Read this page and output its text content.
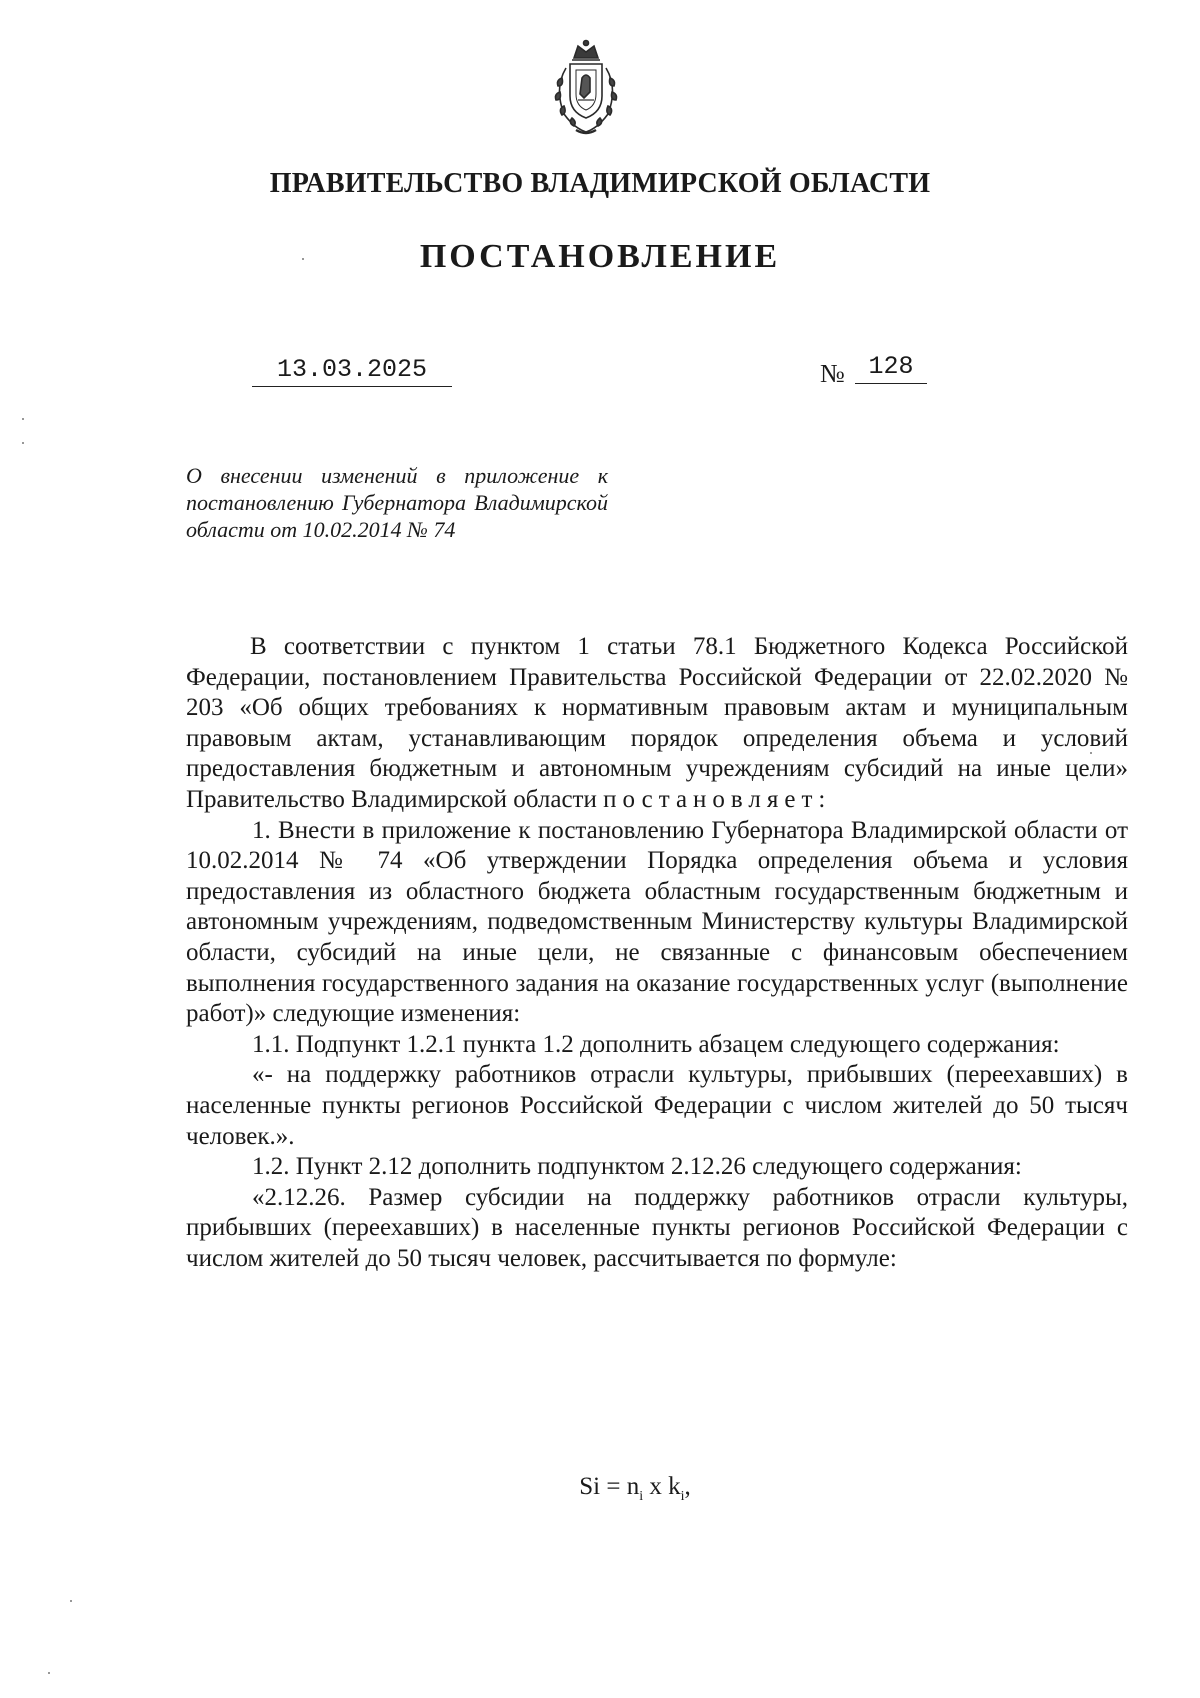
ПРАВИТЕЛЬСТВО ВЛАДИМИРСКОЙ ОБЛАСТИ
ПОСТАНОВЛЕНИЕ
13.03.2025	№ 128
О внесении изменений в приложение к постановлению Губернатора Владимирской области от 10.02.2014 № 74

В соответствии с пунктом 1 статьи 78.1 Бюджетного Кодекса Российской Федерации, постановлением Правительства Российской Федерации от 22.02.2020 № 203 «Об общих требованиях к нормативным правовым актам и муниципальным правовым актам, устанавливающим порядок определения объема и условий предоставления бюджетным и автономным учреждениям субсидий на иные цели» Правительство Владимирской области постановляет:

1. Внести в приложение к постановлению Губернатора Владимирской области от 10.02.2014 № 74 «Об утверждении Порядка определения объема и условия предоставления из областного бюджета областным государственным бюджетным и автономным учреждениям, подведомственным Министерству культуры Владимирской области, субсидий на иные цели, не связанные с финансовым обеспечением выполнения государственного задания на оказание государственных услуг (выполнение работ)» следующие изменения:

1.1. Подпункт 1.2.1 пункта 1.2 дополнить абзацем следующего содержания:

«- на поддержку работников отрасли культуры, прибывших (переехавших) в населенные пункты регионов Российской Федерации с числом жителей до 50 тысяч человек.».

1.2. Пункт 2.12 дополнить подпунктом 2.12.26 следующего содержания:

«2.12.26. Размер субсидии на поддержку работников отрасли культуры, прибывших (переехавших) в населенные пункты регионов Российской Федерации с числом жителей до 50 тысяч человек, рассчитывается по формуле:

$Si = n_i$ x $k_i$,
